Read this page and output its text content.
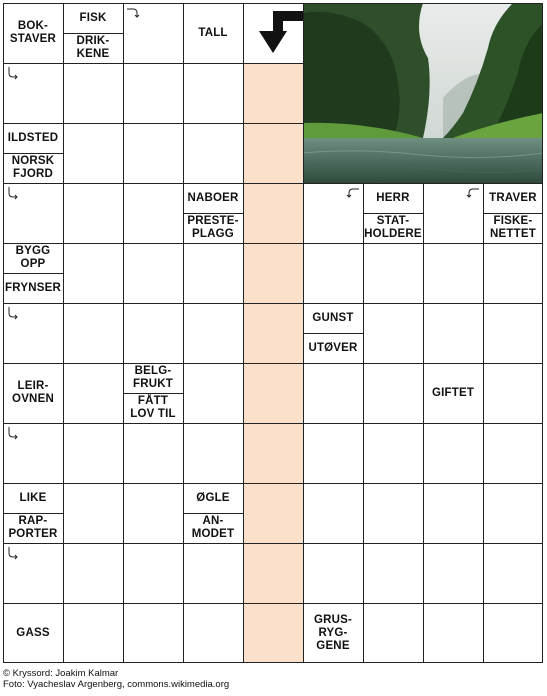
BOK-
STAVER
FISK
DRIK-
KENE
TALL
ILDSTED
NORSK
FJORD
NABOER
PRESTE-
PLAGG
HERR
STAT-
HOLDERE
TRAVER
FISKE-
NETTET
BYGG
OPP
FRYNSER
GUNST
UTØVER
LEIR-
OVNEN
BELG-
FRUKT
FÅTT
LOV TIL
GIFTET
LIKE
RAP-
PORTER
ØGLE
AN-
MODET
GASS
GRUS-
RYG-
GENE
© Kryssord: Joakim Kalmar
Foto: Vyacheslav Argenberg, commons.wikimedia.org
